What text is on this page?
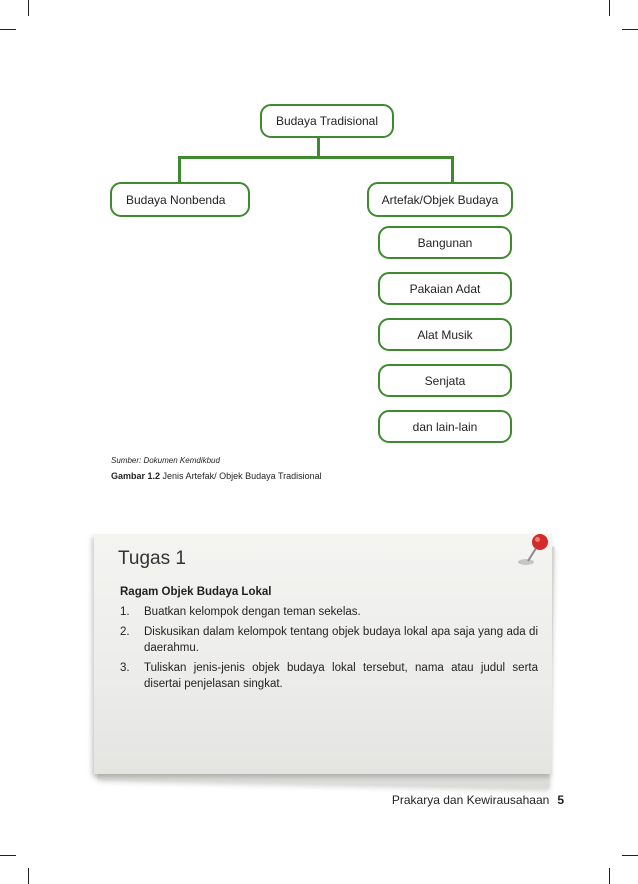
Budaya Tradisional
Budaya Nonbenda	Artefak/Objek Budaya
Bangunan
Pakaian Adat
Alat Musik
Senjata
dan lain-lain
Sumber: Dokumen Kemdikbud
Gambar 1.2 Jenis Artefak/ Objek Budaya Tradisional
Tugas 1
Ragam Objek Budaya Lokal
1.	Buatkan kelompok dengan teman sekelas.
2.	Diskusikan dalam kelompok tentang objek budaya lokal apa saja yang ada di daerahmu.
3.	Tuliskan jenis-jenis objek budaya lokal tersebut, nama atau judul serta disertai penjelasan singkat.
Prakarya dan Kewirausahaan 5
